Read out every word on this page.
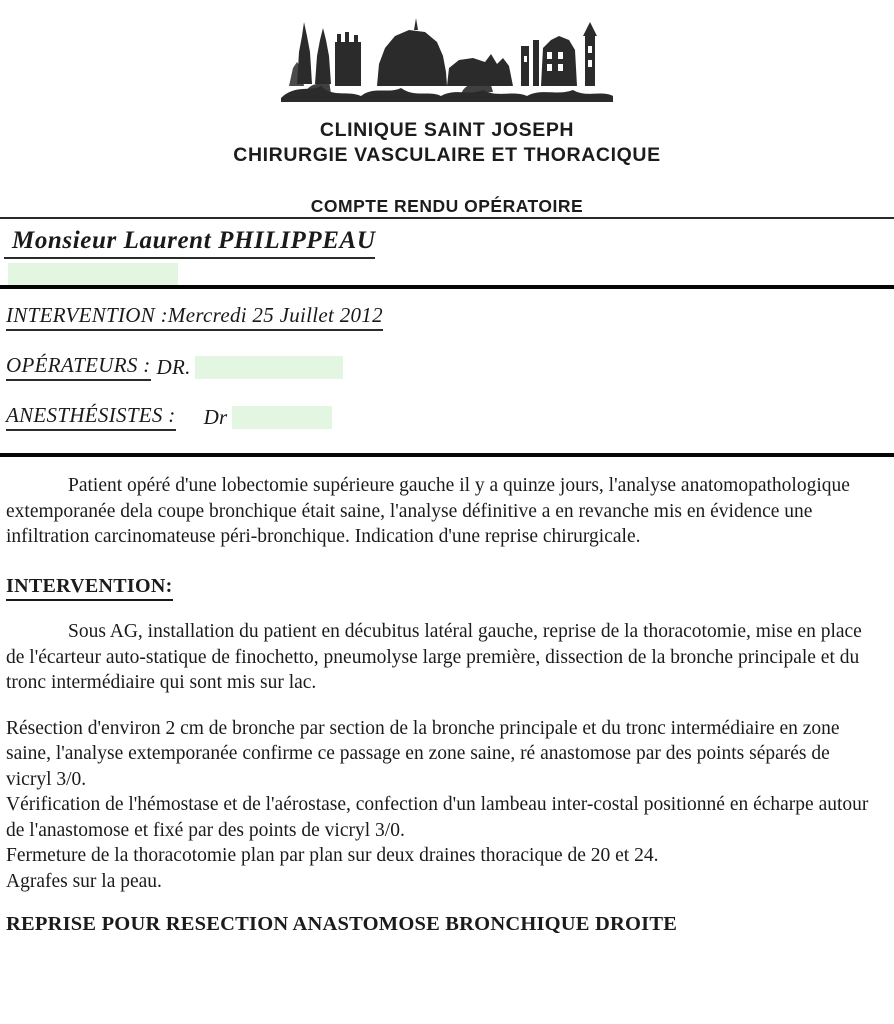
CLINIQUE SAINT JOSEPH
CHIRURGIE VASCULAIRE ET THORACIQUE
COMPTE RENDU OPÉRATOIRE
Monsieur Laurent PHILIPPEAU
INTERVENTION :Mercredi 25 Juillet 2012
OPÉRATEURS : DR.
ANESTHÉSISTES : Dr

Patient opéré d'une lobectomie supérieure gauche il y a quinze jours, l'analyse anatomopathologique extemporanée dela coupe bronchique était saine, l'analyse définitive a en revanche mis en évidence une infiltration carcinomateuse péri-bronchique. Indication d'une reprise chirurgicale.

INTERVENTION:

Sous AG, installation du patient en décubitus latéral gauche, reprise de la thoracotomie, mise en place de l'écarteur auto-statique de finochetto, pneumolyse large première, dissection de la bronche principale et du tronc intermédiaire qui sont mis sur lac.

Résection d'environ 2 cm de bronche par section de la bronche principale et du tronc intermédiaire en zone saine, l'analyse extemporanée confirme ce passage en zone saine, ré anastomose par des points séparés de vicryl 3/0.

Vérification de l'hémostase et de l'aérostase, confection d'un lambeau inter-costal positionné en écharpe autour de l'anastomose et fixé par des points de vicryl 3/0.

Fermeture de la thoracotomie plan par plan sur deux draines thoracique de 20 et 24.

Agrafes sur la peau.

REPRISE POUR RESECTION ANASTOMOSE BRONCHIQUE DROITE
